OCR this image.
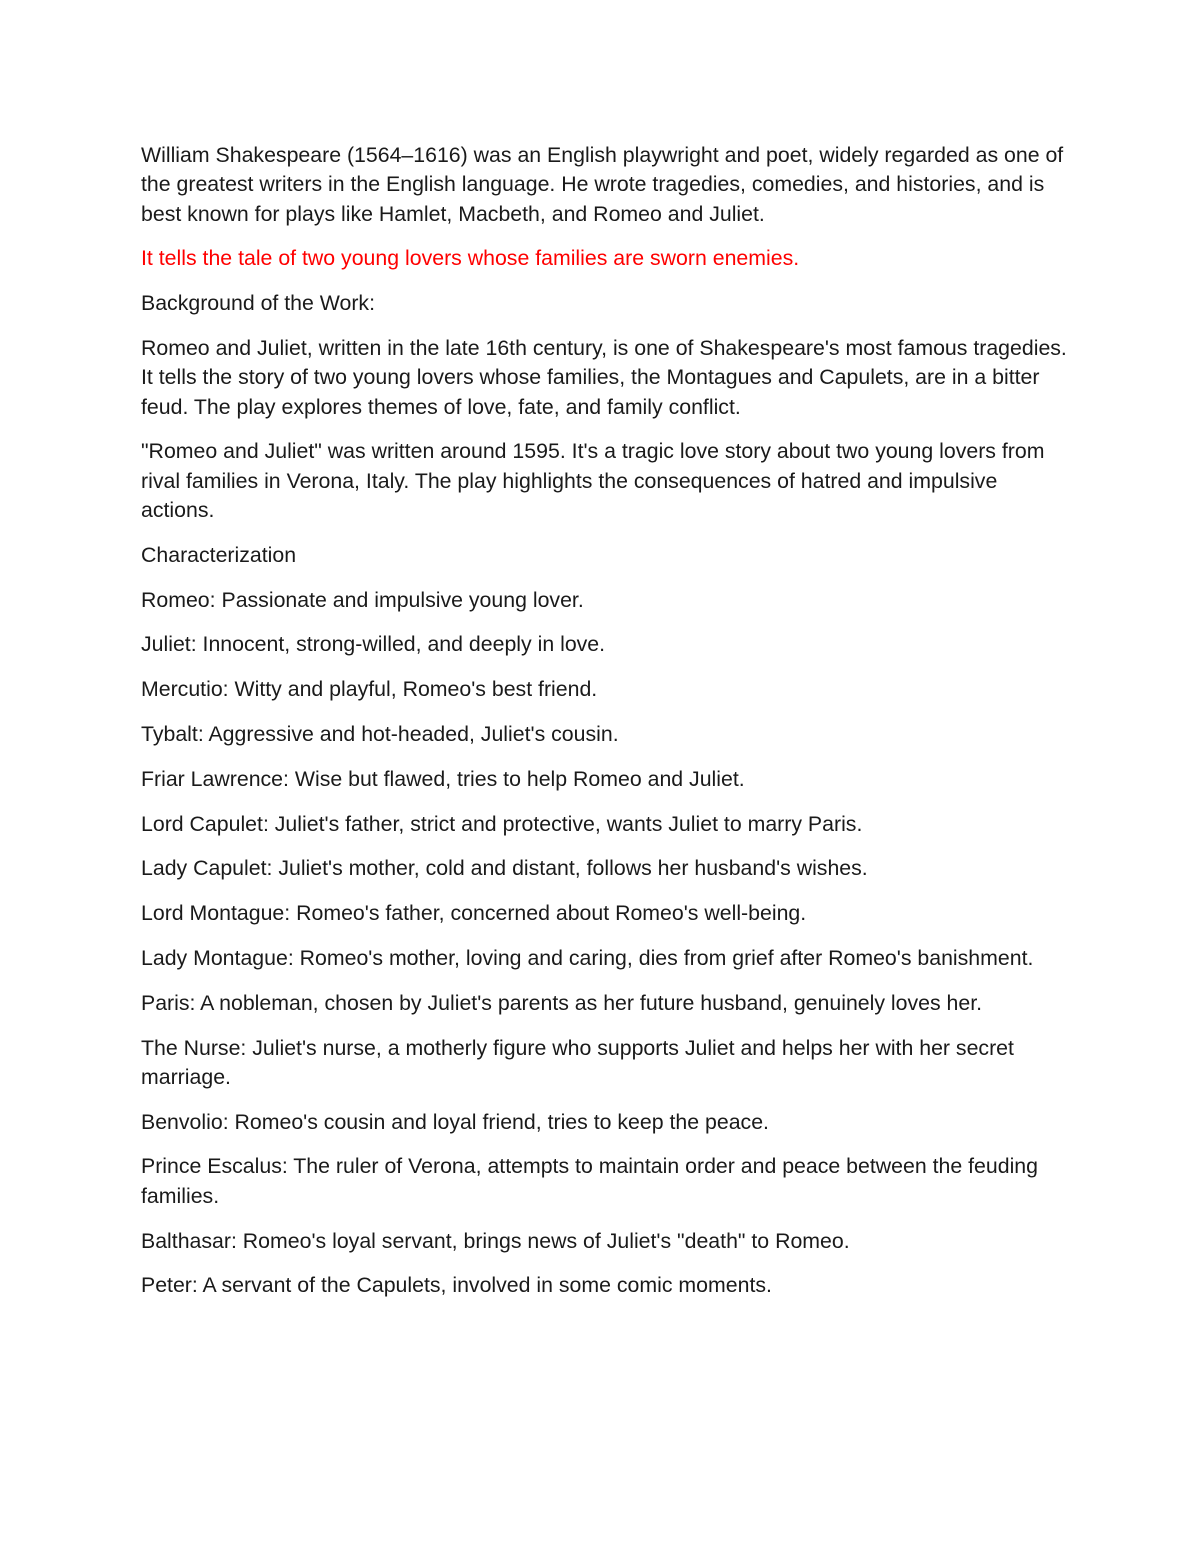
William Shakespeare (1564–1616) was an English playwright and poet, widely regarded as one of the greatest writers in the English language. He wrote tragedies, comedies, and histories, and is best known for plays like Hamlet, Macbeth, and Romeo and Juliet.

It tells the tale of two young lovers whose families are sworn enemies.

Background of the Work:

Romeo and Juliet, written in the late 16th century, is one of Shakespeare's most famous tragedies. It tells the story of two young lovers whose families, the Montagues and Capulets, are in a bitter feud. The play explores themes of love, fate, and family conflict.

"Romeo and Juliet" was written around 1595. It's a tragic love story about two young lovers from rival families in Verona, Italy. The play highlights the consequences of hatred and impulsive actions.

Characterization

Romeo: Passionate and impulsive young lover.

Juliet: Innocent, strong-willed, and deeply in love.

Mercutio: Witty and playful, Romeo's best friend.

Tybalt: Aggressive and hot-headed, Juliet's cousin.

Friar Lawrence: Wise but flawed, tries to help Romeo and Juliet.

Lord Capulet: Juliet's father, strict and protective, wants Juliet to marry Paris.

Lady Capulet: Juliet's mother, cold and distant, follows her husband's wishes.

Lord Montague: Romeo's father, concerned about Romeo's well-being.

Lady Montague: Romeo's mother, loving and caring, dies from grief after Romeo's banishment.

Paris: A nobleman, chosen by Juliet's parents as her future husband, genuinely loves her.

The Nurse: Juliet's nurse, a motherly figure who supports Juliet and helps her with her secret marriage.

Benvolio: Romeo's cousin and loyal friend, tries to keep the peace.

Prince Escalus: The ruler of Verona, attempts to maintain order and peace between the feuding families.

Balthasar: Romeo's loyal servant, brings news of Juliet's "death" to Romeo.

Peter: A servant of the Capulets, involved in some comic moments.
